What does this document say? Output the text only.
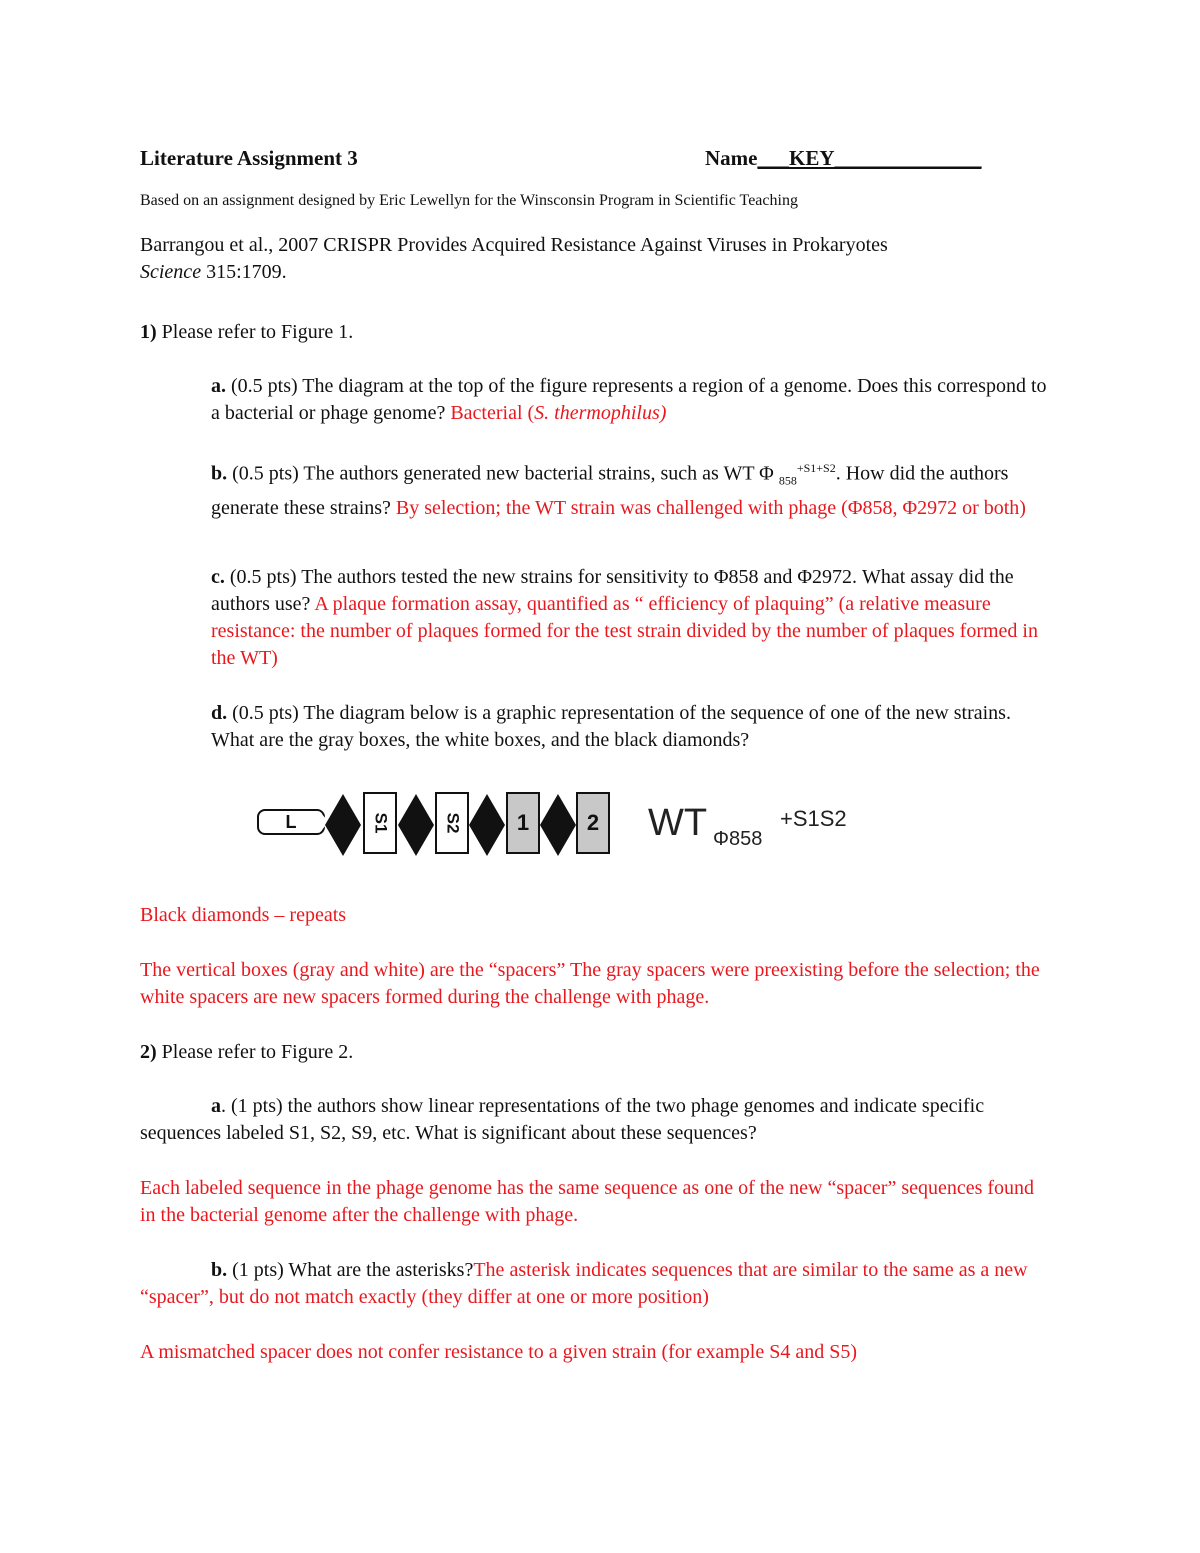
Literature Assignment 3	Name___KEY______________
Based on an assignment designed by Eric Lewellyn for the Winsconsin Program in Scientific Teaching
Barrangou et al., 2007 CRISPR Provides Acquired Resistance Against Viruses in Prokaryotes
Science 315:1709.
1) Please refer to Figure 1.
a. (0.5 pts) The diagram at the top of the figure represents a region of a genome. Does this correspond to a bacterial or phage genome? Bacterial (S. thermophilus)
b. (0.5 pts) The authors generated new bacterial strains, such as WT Φ $_{858}^{+S1+S2}$. How did the authors generate these strains? By selection; the WT strain was challenged with phage (Φ858, Φ2972 or both)
c. (0.5 pts) The authors tested the new strains for sensitivity to Φ858 and Φ2972. What assay did the authors use? A plaque formation assay, quantified as “ efficiency of plaquing” (a relative measure resistance: the number of plaques formed for the test strain divided by the number of plaques formed in the WT)
d. (0.5 pts) The diagram below is a graphic representation of the sequence of one of the new strains. What are the gray boxes, the white boxes, and the black diamonds?
L	S1	S2 1	2 WT Φ858
+S1S2
Black diamonds – repeats
The vertical boxes (gray and white) are the “spacers” The gray spacers were preexisting before the selection; the white spacers are new spacers formed during the challenge with phage.
2) Please refer to Figure 2.
a. (1 pts) the authors show linear representations of the two phage genomes and indicate specific sequences labeled S1, S2, S9, etc. What is significant about these sequences?
Each labeled sequence in the phage genome has the same sequence as one of the new “spacer” sequences found in the bacterial genome after the challenge with phage.
b. (1 pts) What are the asterisks?The asterisk indicates sequences that are similar to the same as a new “spacer”, but do not match exactly (they differ at one or more position)
A mismatched spacer does not confer resistance to a given strain (for example S4 and S5)
